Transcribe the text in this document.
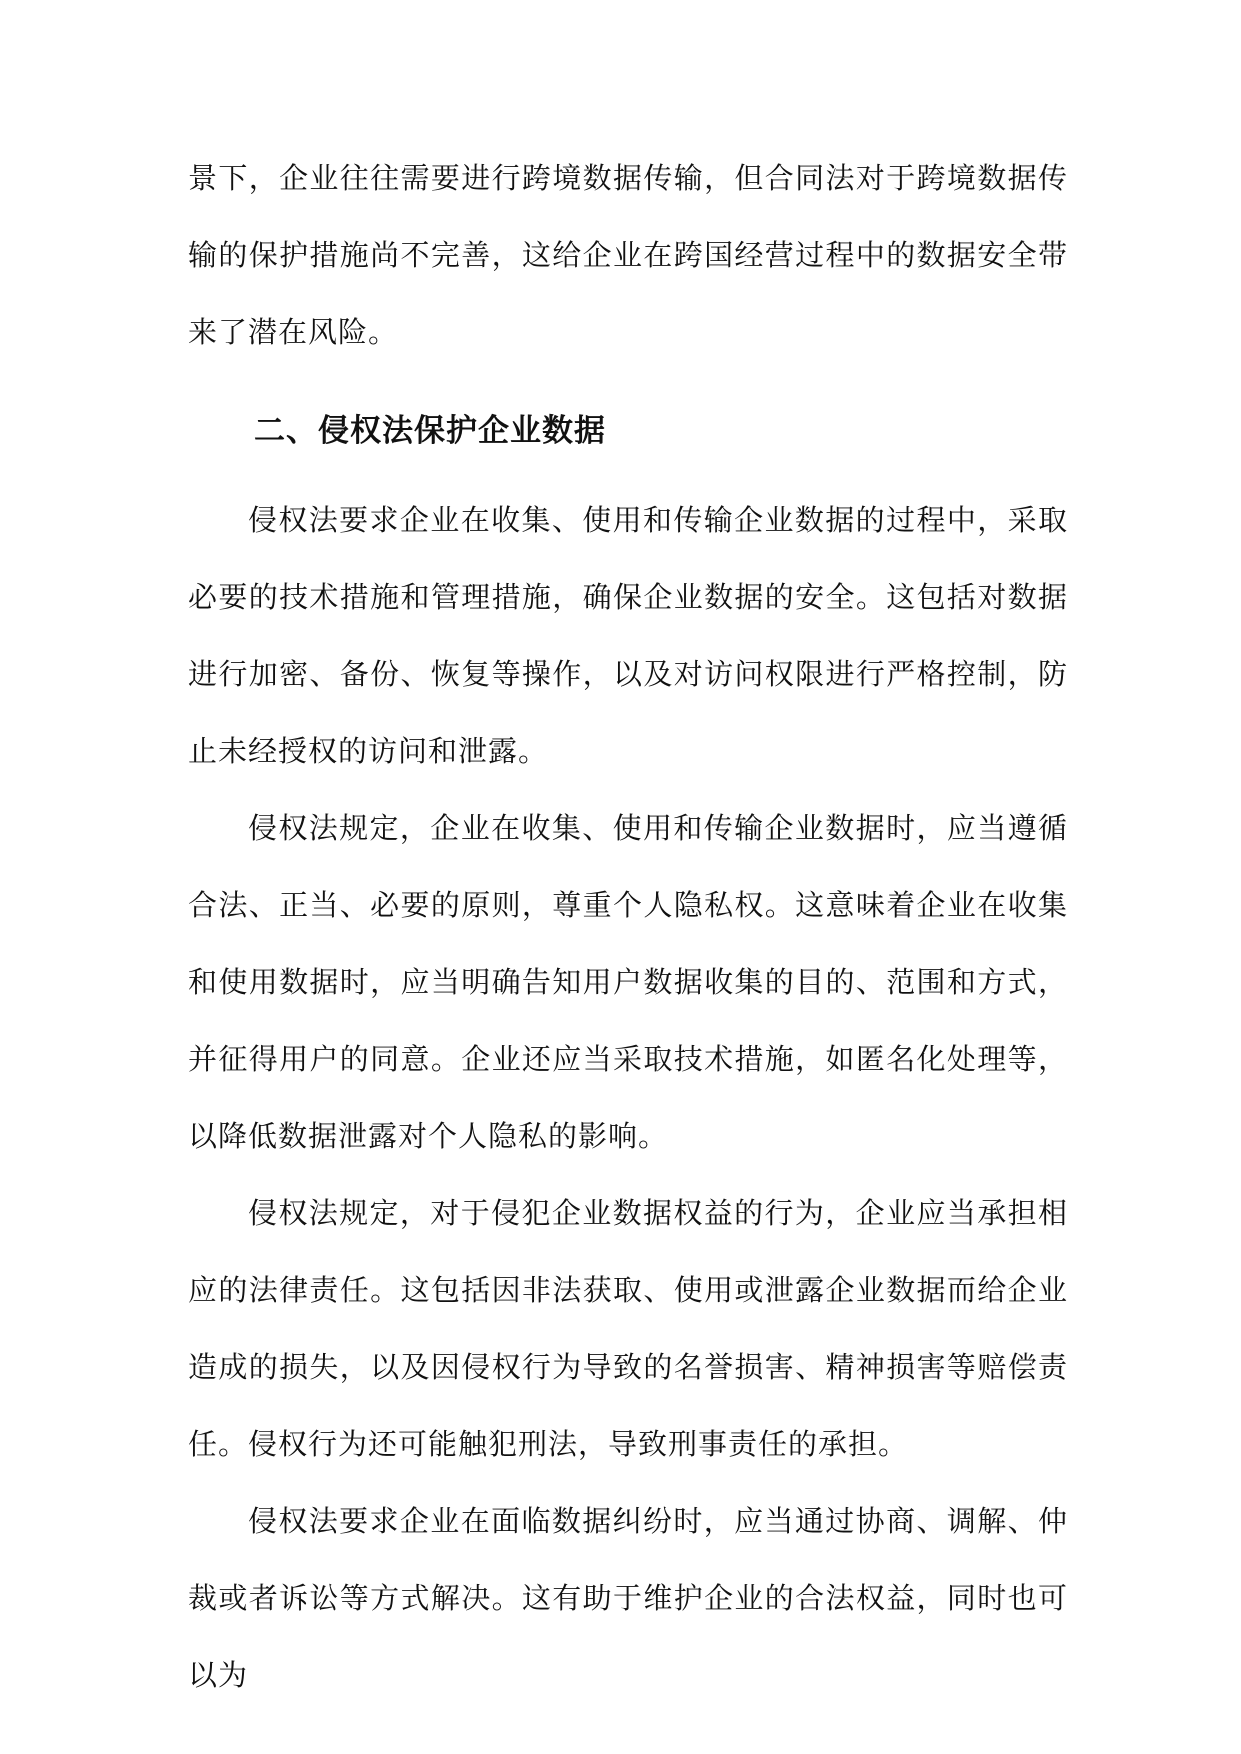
景下，企业往往需要进行跨境数据传输，但合同法对于跨境数据传输的保护措施尚不完善，这给企业在跨国经营过程中的数据安全带来了潜在风险。

二、侵权法保护企业数据

侵权法要求企业在收集、使用和传输企业数据的过程中，采取必要的技术措施和管理措施，确保企业数据的安全。这包括对数据进行加密、备份、恢复等操作，以及对访问权限进行严格控制，防止未经授权的访问和泄露。

侵权法规定，企业在收集、使用和传输企业数据时，应当遵循合法、正当、必要的原则，尊重个人隐私权。这意味着企业在收集和使用数据时，应当明确告知用户数据收集的目的、范围和方式，并征得用户的同意。企业还应当采取技术措施，如匿名化处理等，以降低数据泄露对个人隐私的影响。

侵权法规定，对于侵犯企业数据权益的行为，企业应当承担相应的法律责任。这包括因非法获取、使用或泄露企业数据而给企业造成的损失，以及因侵权行为导致的名誉损害、精神损害等赔偿责任。侵权行为还可能触犯刑法，导致刑事责任的承担。

侵权法要求企业在面临数据纠纷时，应当通过协商、调解、仲裁或者诉讼等方式解决。这有助于维护企业的合法权益，同时也可以为
